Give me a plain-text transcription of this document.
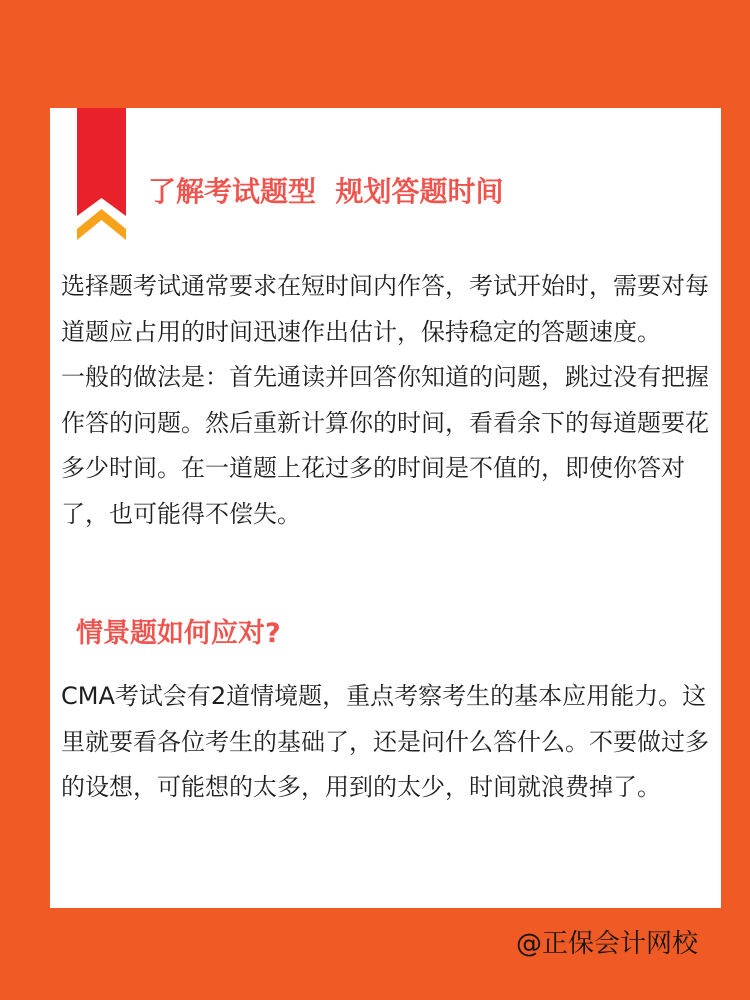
了解考试题型  规划答题时间

选择题考试通常要求在短时间内作答，考试开始时，需要对每道题应占用的时间迅速作出估计，保持稳定的答题速度。
一般的做法是：首先通读并回答你知道的问题，跳过没有把握作答的问题。然后重新计算你的时间，看看余下的每道题要花多少时间。在一道题上花过多的时间是不值的，即使你答对了，也可能得不偿失。

情景题如何应对?

CMA考试会有2道情境题，重点考察考生的基本应用能力。这里就要看各位考生的基础了，还是问什么答什么。不要做过多的设想，可能想的太多，用到的太少，时间就浪费掉了。

@正保会计网校
